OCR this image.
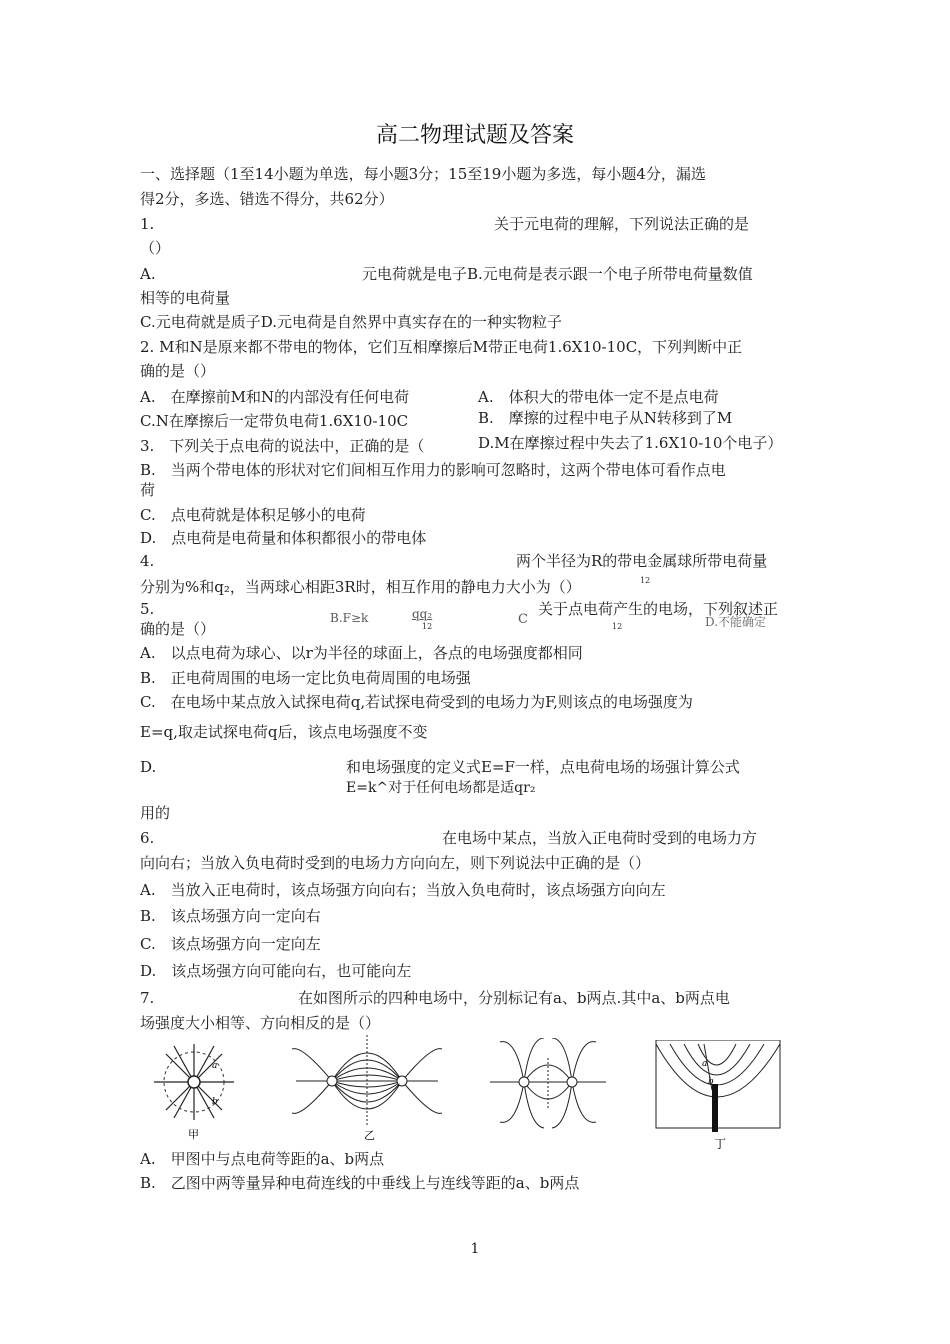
高二物理试题及答案
一、选择题（1至14小题为单选，每小题3分；15至19小题为多选，每小题4分，漏选
得2分，多选、错选不得分，共62分）
1.	关于元电荷的理解，下列说法正确的是
（）
A.	元电荷就是电子B.元电荷是表示跟一个电子所带电荷量数值
相等的电荷量
C.元电荷就是质子D.元电荷是自然界中真实存在的一种实物粒子
2. M和N是原来都不带电的物体，它们互相摩擦后M带正电荷1.6X10-10C，下列判断中正
确的是（）
A.　在摩擦前M和N的内部没有任何电荷	A.　体积大的带电体一定不是点电荷
C.N在摩擦后一定带负电荷1.6X10-10C	B.　摩擦的过程中电子从N转移到了M
3.　下列关于点电荷的说法中，正确的是（	D.M在摩擦过程中失去了1.6X10-10个电子）
B.　当两个带电体的形状对它们间相互作用力的影响可忽略时，这两个带电体可看作点电
荷
C.　点电荷就是体积足够小的电荷
D.　点电荷是电荷量和体积都很小的带电体
4.	两个半径为R的带电金属球所带电荷量
分别为%和q₂，当两球心相距3R时，相互作用的静电力大小为（）	12
5.	B.F≥k	qq₂
12	C
关于点电荷产生的电场，下列叙述正
确的是（）	12	D.不能确定
A.　以点电荷为球心、以r为半径的球面上，各点的电场强度都相同
B.　正电荷周围的电场一定比负电荷周围的电场强
C.　在电场中某点放入试探电荷q,若试探电荷受到的电场力为F,则该点的电场强度为
E=q,取走试探电荷q后，该点电场强度不变
D.	和电场强度的定义式E=F一样，点电荷电场的场强计算公式
E=k^对于任何电场都是适qr₂
用的
6.	在电场中某点，当放入正电荷时受到的电场力方
向向右；当放入负电荷时受到的电场力方向向左，则下列说法中正确的是（）
A.　当放入正电荷时，该点场强方向向右；当放入负电荷时，该点场强方向向左
B.　该点场强方向一定向右
C.　该点场强方向一定向左
D.　该点场强方向可能向右，也可能向左
7.	在如图所示的四种电场中，分别标记有a、b两点.其中a、b两点电
场强度大小相等、方向相反的是（）
甲
a
b
乙
a
b
丁
A.　甲图中与点电荷等距的a、b两点
B.　乙图中两等量异种电荷连线的中垂线上与连线等距的a、b两点
1
